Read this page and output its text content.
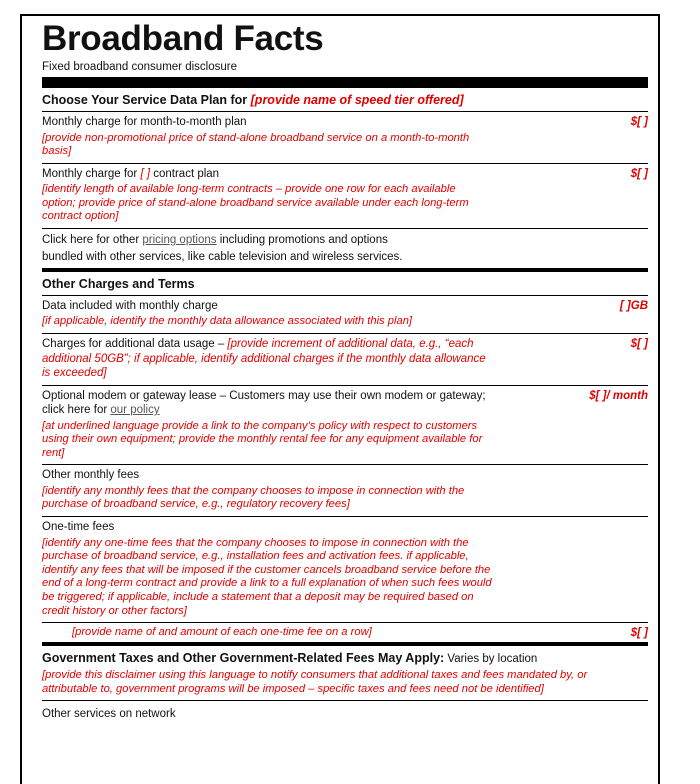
Broadband Facts
Fixed broadband consumer disclosure
Choose Your Service Data Plan for [provide name of speed tier offered]
Monthly charge for month-to-month plan
[provide non-promotional price of stand-alone broadband service on a month-to-month basis]
$[ ]
Monthly charge for [ ] contract plan
[identify length of available long-term contracts – provide one row for each available option; provide price of stand-alone broadband service available under each long-term contract option]
$[ ]
Click here for other pricing options including promotions and options
bundled with other services, like cable television and wireless services.
Other Charges and Terms
Data included with monthly charge
[if applicable, identify the monthly data allowance associated with this plan]
[ ]GB
Charges for additional data usage – [provide increment of additional data, e.g., “each additional 50GB”; if applicable, identify additional charges if the monthly data allowance is exceeded]
$[ ]
Optional modem or gateway lease – Customers may use their own modem or gateway; click here for our policy
[at underlined language provide a link to the company’s policy with respect to customers using their own equipment; provide the monthly rental fee for any equipment available for rent]
$[ ]/ month
Other monthly fees
[identify any monthly fees that the company chooses to impose in connection with the purchase of broadband service, e.g., regulatory recovery fees]
One-time fees
[identify any one-time fees that the company chooses to impose in connection with the purchase of broadband service, e.g., installation fees and activation fees. if applicable, identify any fees that will be imposed if the customer cancels broadband service before the end of a long-term contract and provide a link to a full explanation of when such fees would be triggered; if applicable, include a statement that a deposit may be required based on credit history or other factors]
[provide name of and amount of each one-time fee on a row]	$[ ]
Government Taxes and Other Government-Related Fees May Apply: Varies by location
[provide this disclaimer using this language to notify consumers that additional taxes and fees mandated by, or attributable to, government programs will be imposed – specific taxes and fees need not be identified]
Other services on network
